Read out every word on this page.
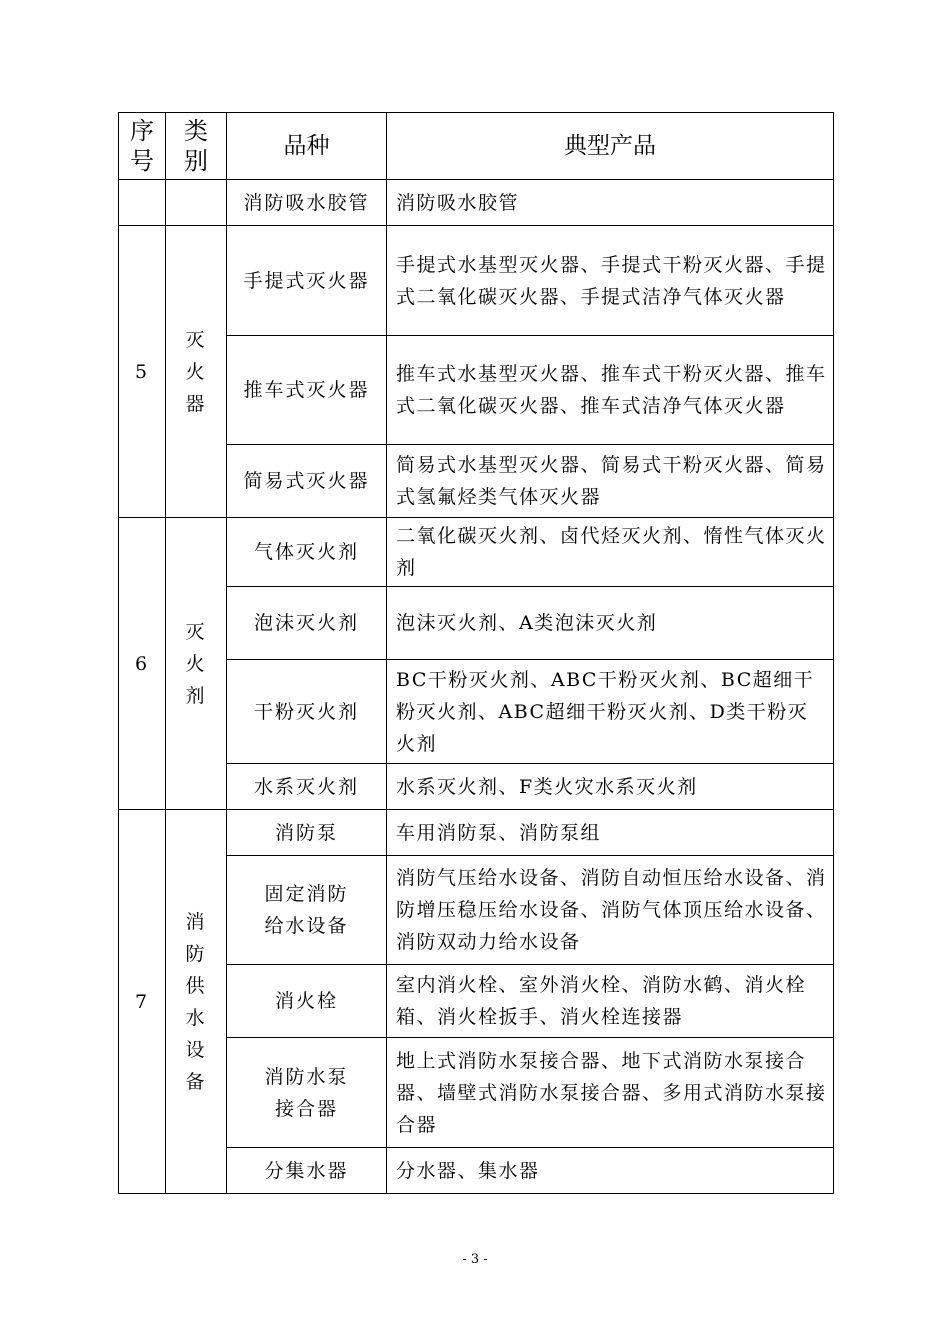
序号	类别	品种	典型产品
		消防吸水胶管	消防吸水胶管
5	灭火器	手提式灭火器	手提式水基型灭火器、手提式干粉灭火器、手提式二氧化碳灭火器、手提式洁净气体灭火器
		推车式灭火器	推车式水基型灭火器、推车式干粉灭火器、推车式二氧化碳灭火器、推车式洁净气体灭火器
		简易式灭火器	简易式水基型灭火器、简易式干粉灭火器、简易式氢氟烃类气体灭火器
6	灭火剂	气体灭火剂	二氧化碳灭火剂、卤代烃灭火剂、惰性气体灭火剂
		泡沫灭火剂	泡沫灭火剂、A类泡沫灭火剂
		干粉灭火剂	BC干粉灭火剂、ABC干粉灭火剂、BC超细干粉灭火剂、ABC超细干粉灭火剂、D类干粉灭火剂
		水系灭火剂	水系灭火剂、F类火灾水系灭火剂
7	消防供水设备	消防泵	车用消防泵、消防泵组
		固定消防给水设备	消防气压给水设备、消防自动恒压给水设备、消防增压稳压给水设备、消防气体顶压给水设备、消防双动力给水设备
		消火栓	室内消火栓、室外消火栓、消防水鹤、消火栓箱、消火栓扳手、消火栓连接器
		消防水泵接合器	地上式消防水泵接合器、地下式消防水泵接合器、墙壁式消防水泵接合器、多用式消防水泵接合器
		分集水器	分水器、集水器
- 3 -
